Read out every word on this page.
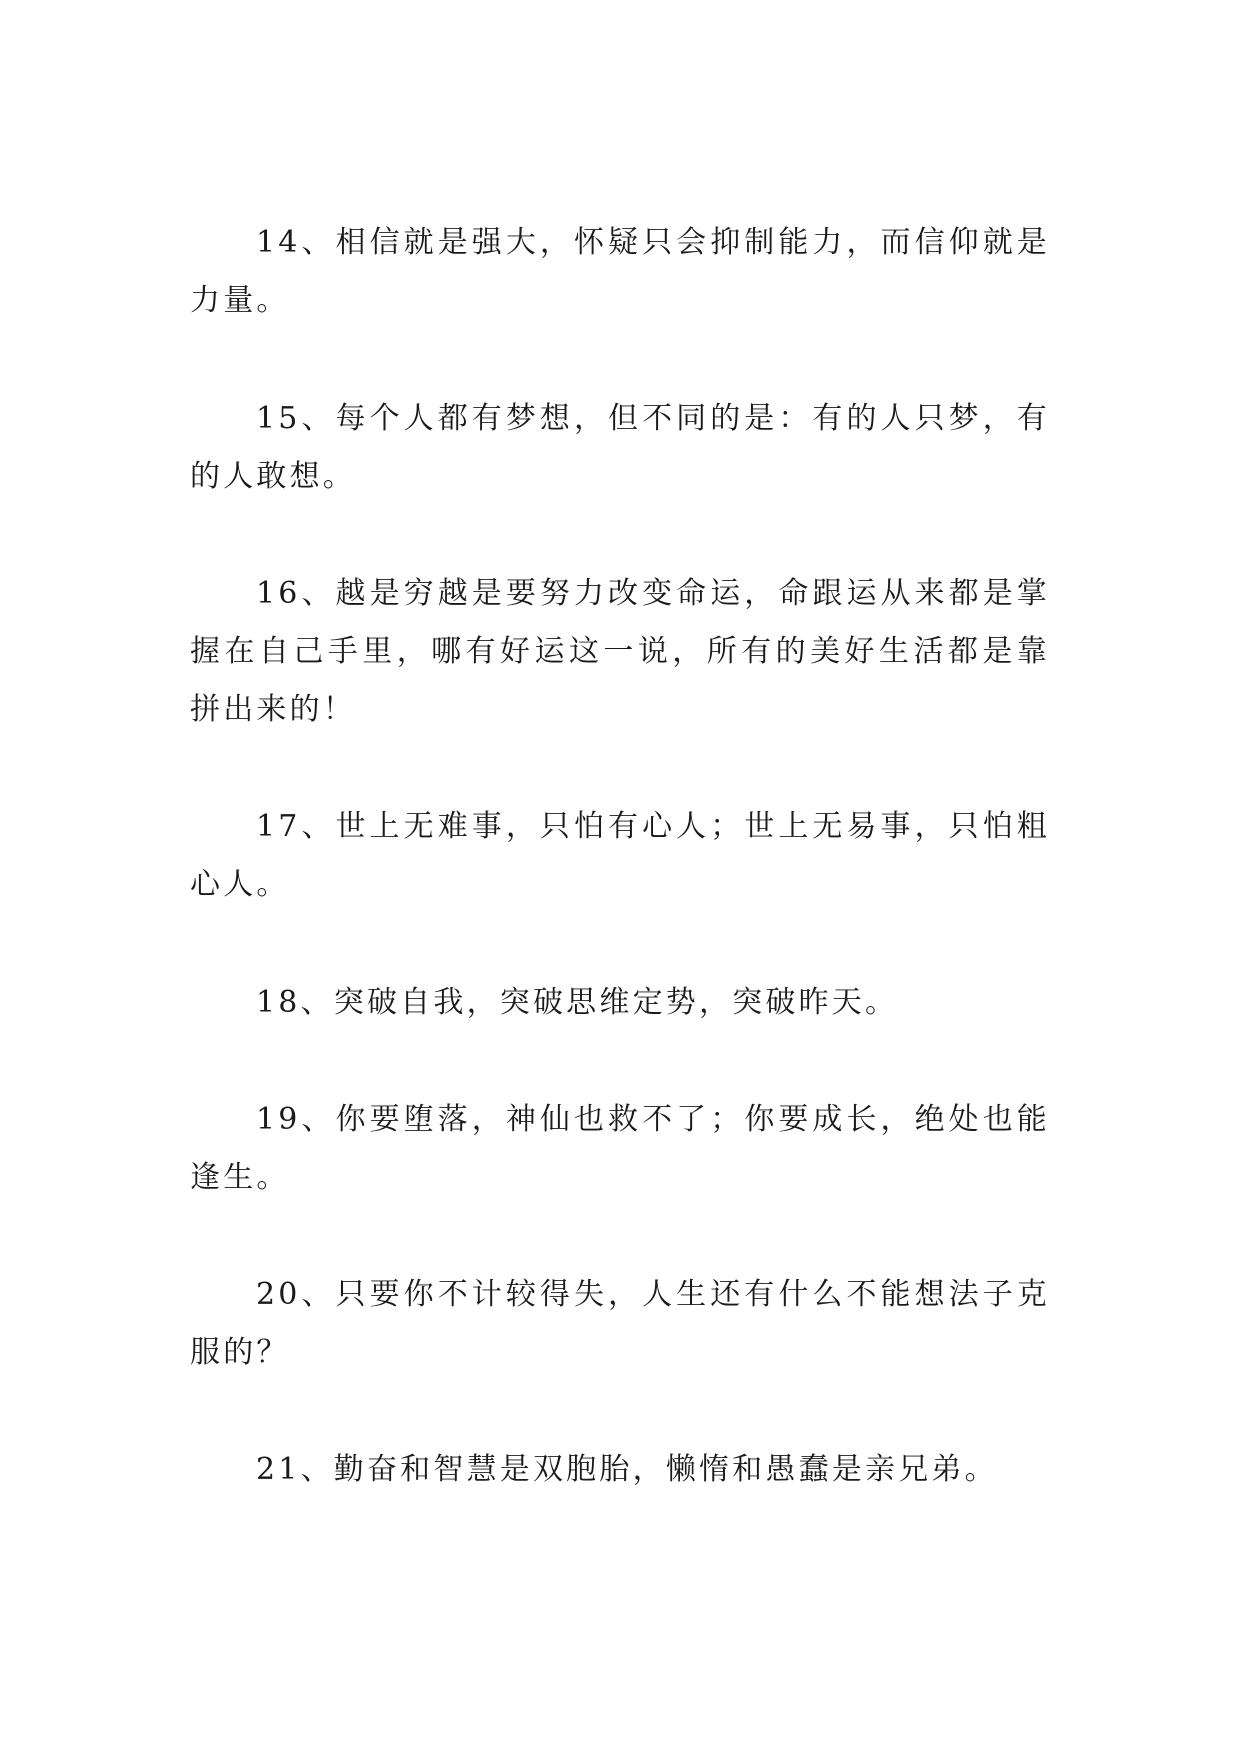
14、相信就是强大，怀疑只会抑制能力，而信仰就是力量。

15、每个人都有梦想，但不同的是：有的人只梦，有的人敢想。

16、越是穷越是要努力改变命运，命跟运从来都是掌握在自己手里，哪有好运这一说，所有的美好生活都是靠拼出来的！

17、世上无难事，只怕有心人；世上无易事，只怕粗心人。

18、突破自我，突破思维定势，突破昨天。

19、你要堕落，神仙也救不了；你要成长，绝处也能逢生。

20、只要你不计较得失，人生还有什么不能想法子克服的？

21、勤奋和智慧是双胞胎，懒惰和愚蠢是亲兄弟。
